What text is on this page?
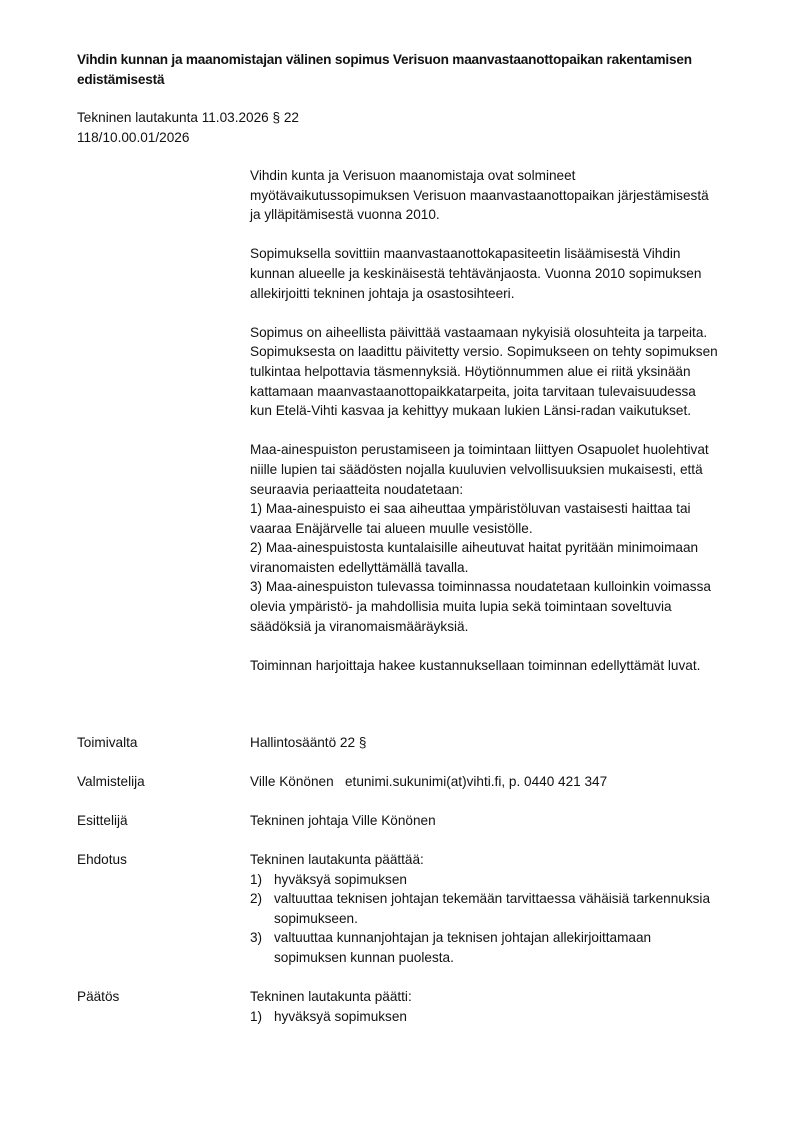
Vihdin kunnan ja maanomistajan välinen sopimus Verisuon maanvastaanottopaikan rakentamisen edistämisestä
Tekninen lautakunta 11.03.2026 § 22
118/10.00.01/2026

Vihdin kunta ja Verisuon maanomistaja ovat solmineet myötävaikutussopimuksen Verisuon maanvastaanottopaikan järjestämisestä ja ylläpitämisestä vuonna 2010.

Sopimuksella sovittiin maanvastaanottokapasiteetin lisäämisestä Vihdin kunnan alueelle ja keskinäisestä tehtävänjaosta. Vuonna 2010 sopimuksen allekirjoitti tekninen johtaja ja osastosihteeri.

Sopimus on aiheellista päivittää vastaamaan nykyisiä olosuhteita ja tarpeita. Sopimuksesta on laadittu päivitetty versio. Sopimukseen on tehty sopimuksen tulkintaa helpottavia täsmennyksiä. Höytiönnummen alue ei riitä yksinään kattamaan maanvastaanottopaikkatarpeita, joita tarvitaan tulevaisuudessa kun Etelä-Vihti kasvaa ja kehittyy mukaan lukien Länsi-radan vaikutukset.

Maa-ainespuiston perustamiseen ja toimintaan liittyen Osapuolet huolehtivat niille lupien tai säädösten nojalla kuuluvien velvollisuuksien mukaisesti, että seuraavia periaatteita noudatetaan:

1) Maa-ainespuisto ei saa aiheuttaa ympäristöluvan vastaisesti haittaa tai vaaraa Enäjärvelle tai alueen muulle vesistölle.
2) Maa-ainespuistosta kuntalaisille aiheutuvat haitat pyritään minimoimaan viranomaisten edellyttämällä tavalla.

3) Maa-ainespuiston tulevassa toiminnassa noudatetaan kulloinkin voimassa olevia ympäristö- ja mahdollisia muita lupia sekä toimintaan soveltuvia säädöksiä ja viranomaismääräyksiä.

Toiminnan harjoittaja hakee kustannuksellaan toiminnan edellyttämät luvat.

Toimivalta	Hallintosääntö 22 §
Valmistelija	Ville Könönen   etunimi.sukunimi(at)vihti.fi, p. 0440 421 347
Esittelijä	Tekninen johtaja Ville Könönen
Ehdotus	Tekninen lautakunta päättää:
1) hyväksyä sopimuksen
2) valtuuttaa teknisen johtajan tekemään tarvittaessa vähäisiä tarkennuksia sopimukseen.
3) valtuuttaa kunnanjohtajan ja teknisen johtajan allekirjoittamaan sopimuksen kunnan puolesta.
Päätös	Tekninen lautakunta päätti:
1) hyväksyä sopimuksen
